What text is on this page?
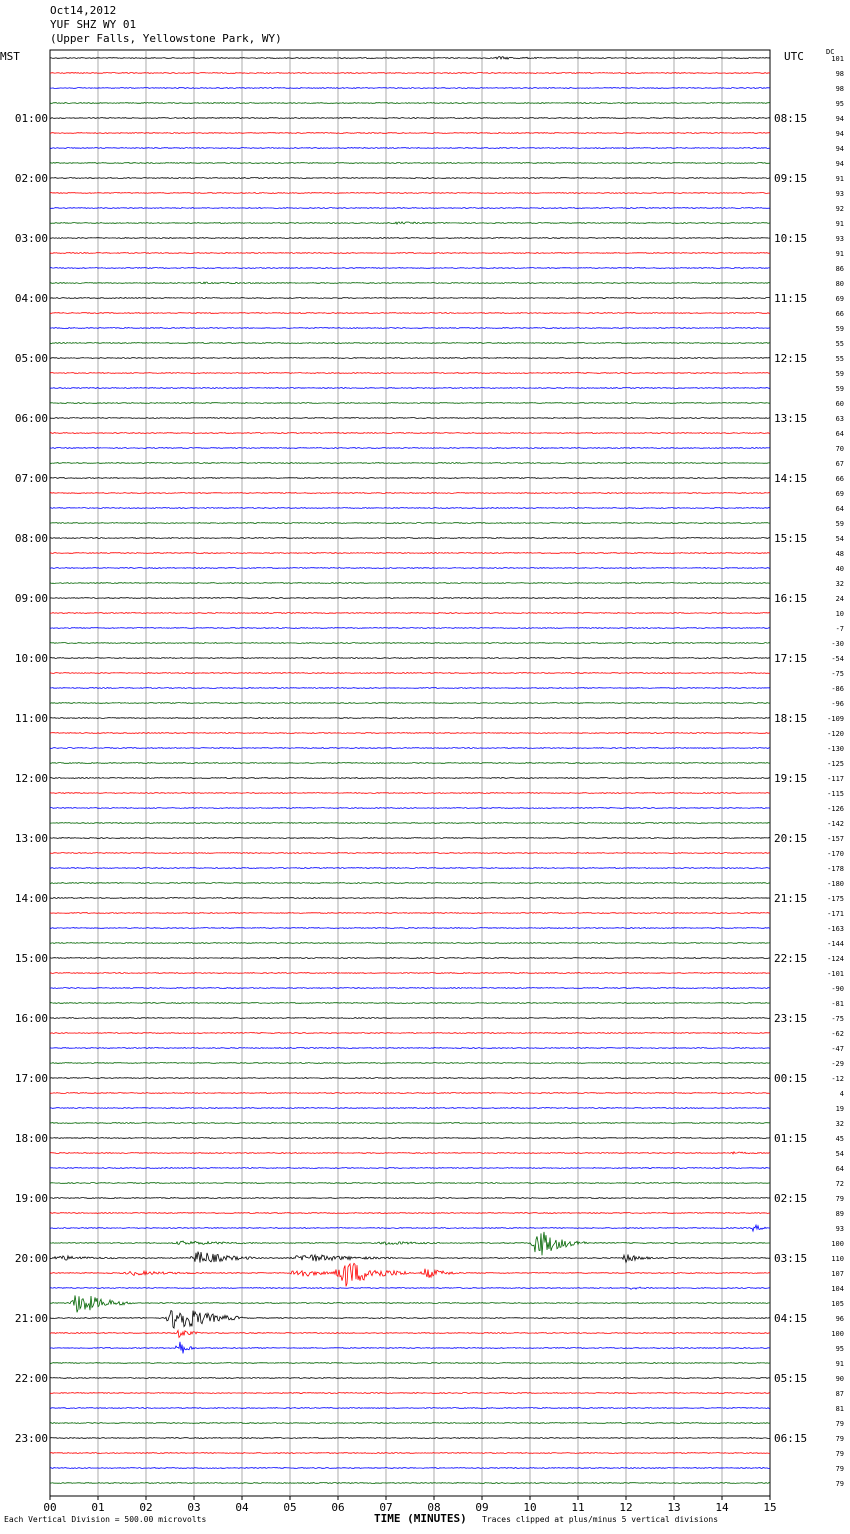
Oct14,2012
YUF SHZ WY 01
(Upper Falls, Yellowstone Park, WY)
MST	UTC	DC
00	01	02	03	04	05	06	07	08	09	10	11	12	13	14	15
101
98
98
95
94
01:00	08:15
94
94
94
91
02:00	09:15
93
92
91
93
03:00	10:15
91
86
80
69
04:00	11:15
66
59
55
55
05:00	12:15
59
59
60
63
06:00	13:15
64
70
67
66
07:00	14:15
69
64
59
54
08:00	15:15
48
40
32
24
09:00	16:15
10
-7
-30
-54
10:00	17:15
-75
-86
-96
-109
11:00	18:15
-120
-130
-125
-117
12:00	19:15
-115
-126
-142
-157
13:00	20:15
-170
-178
-180
-175
14:00	21:15
-171
-163
-144
-124
15:00	22:15
-101
-90
-81
-75
16:00	23:15
-62
-47
-29
-12
17:00	00:15
4
19
32
45
18:00	01:15
54
64
72
79
19:00	02:15
89
93
100
110
20:00	03:15
107
104
105
96
21:00	04:15
100
95
91
90
22:00	05:15
87
81
79
79
23:00	06:15
79
79
79
Each Vertical Division = 500.00 microvolts	TIME (MINUTES) Traces clipped at plus/minus 5 vertical divisions
